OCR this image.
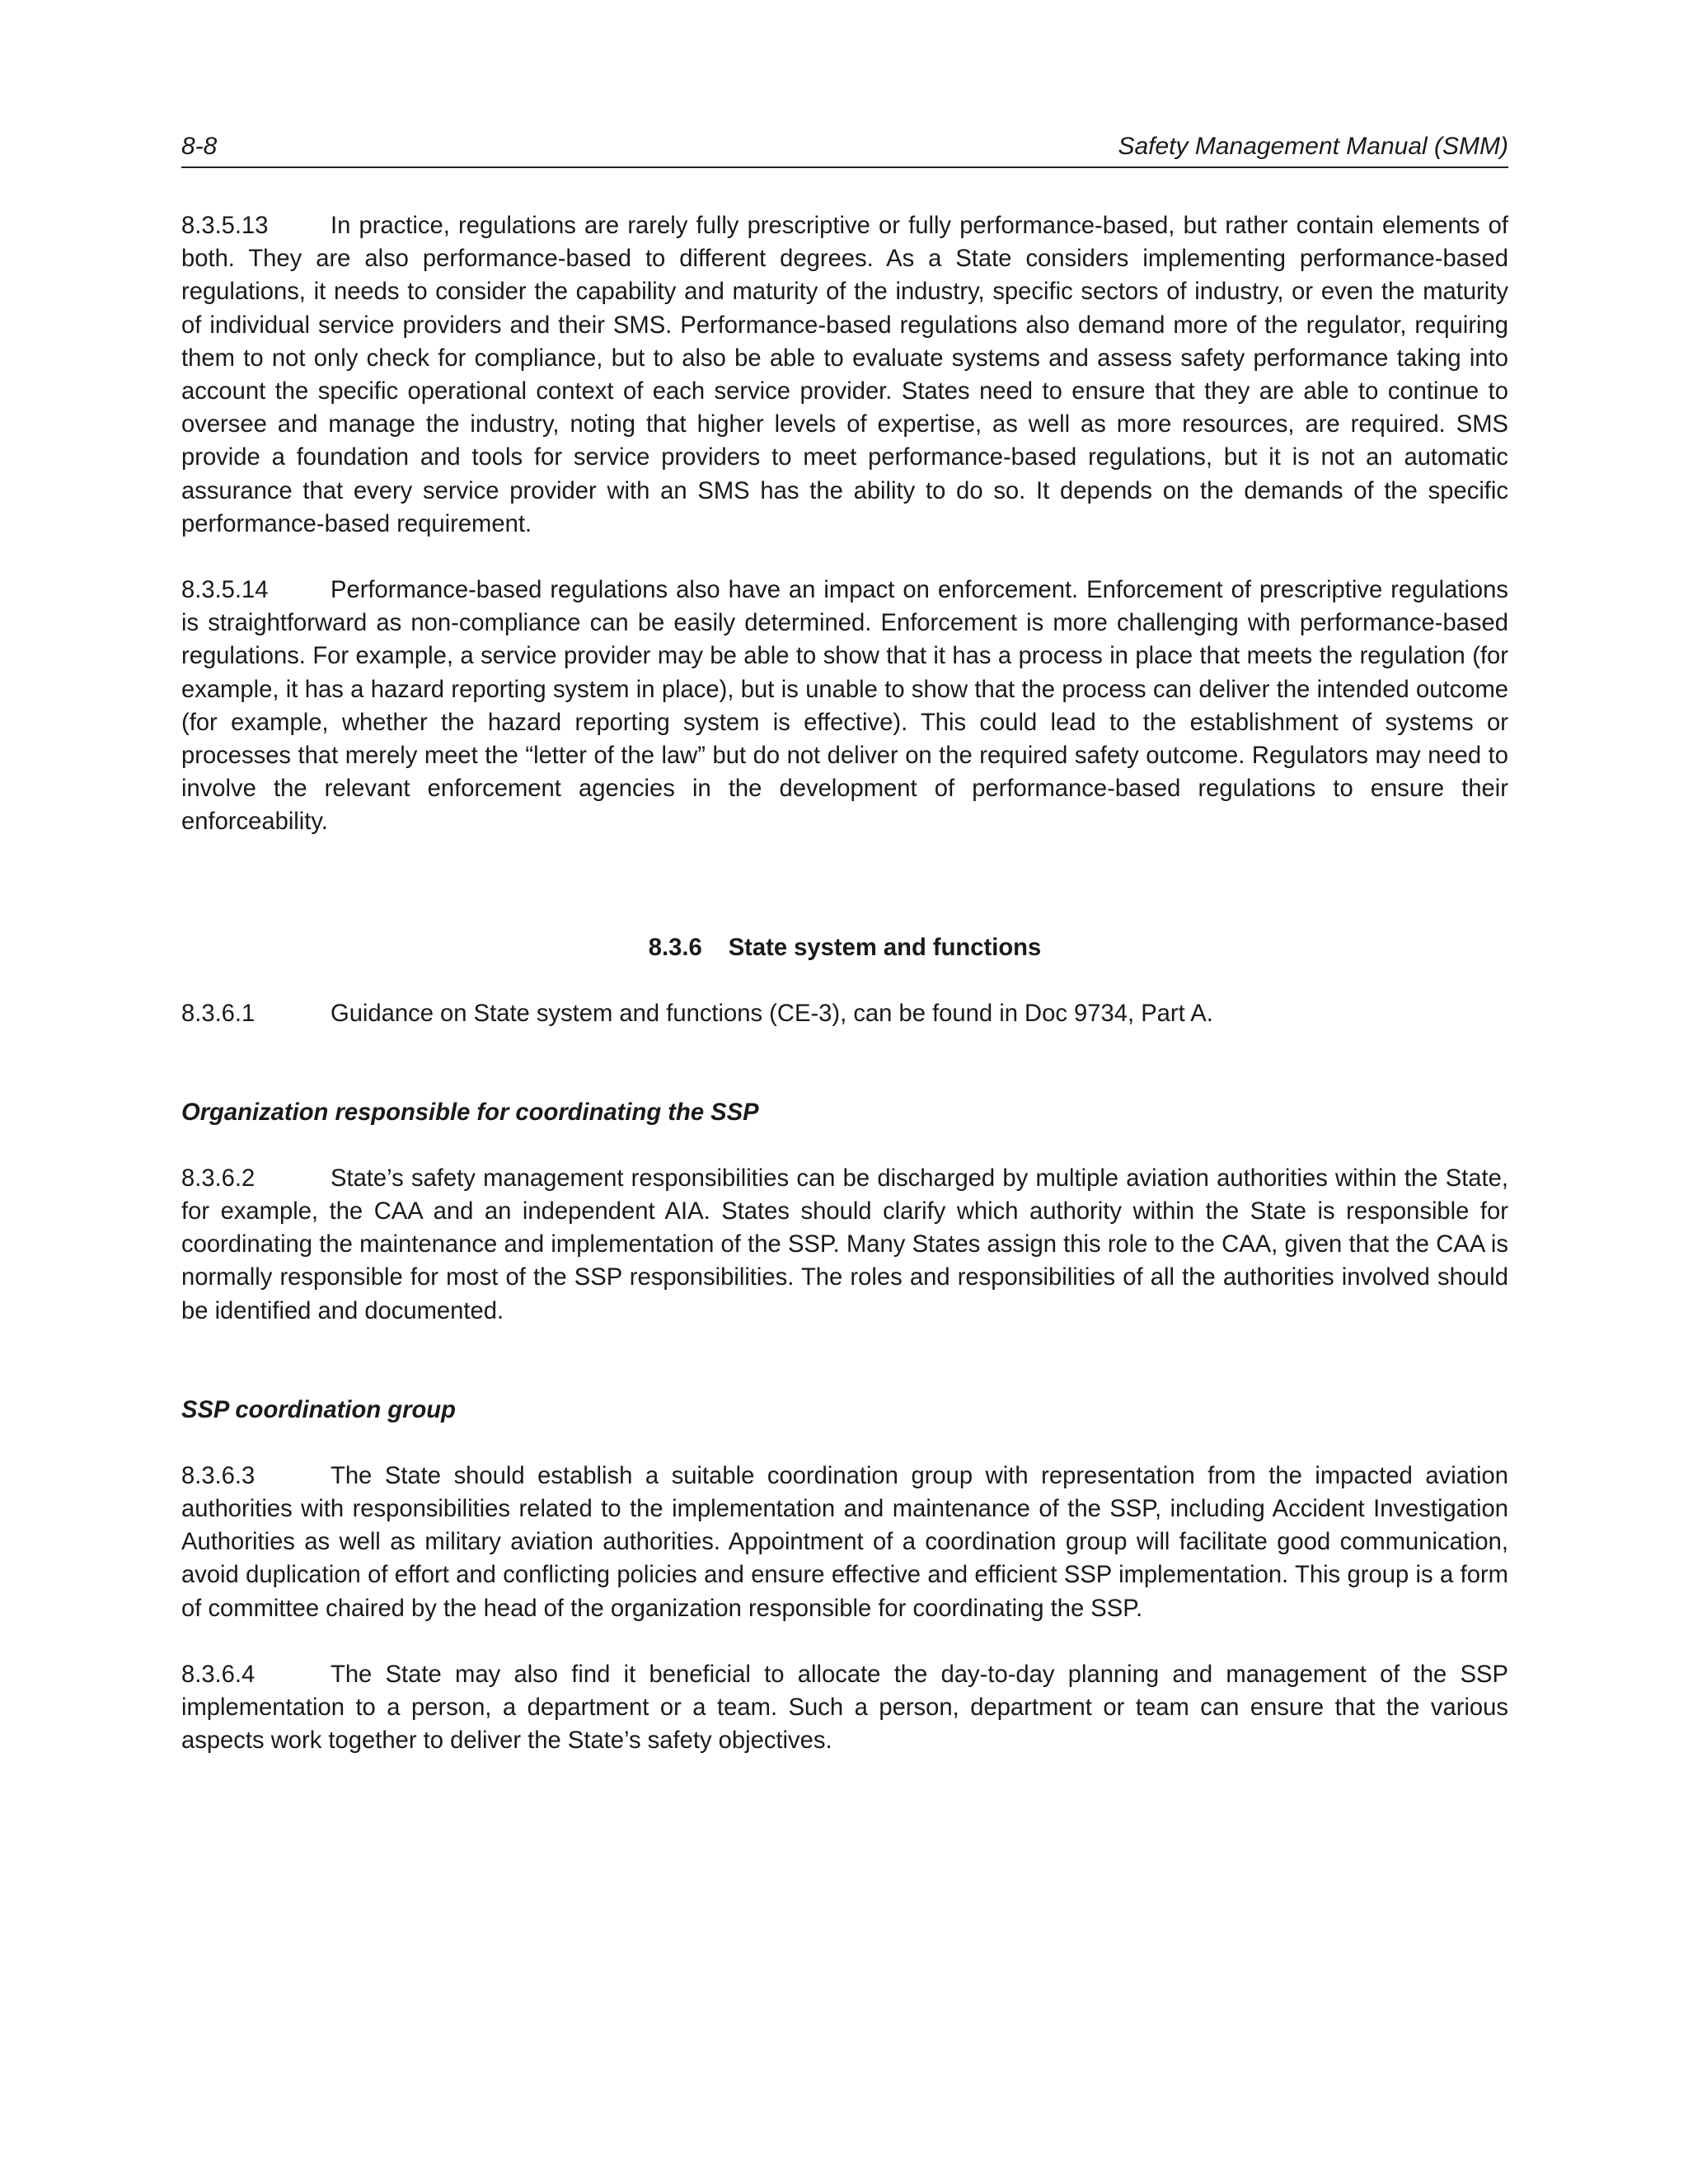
8-8	Safety Management Manual (SMM)

8.3.5.13	In practice, regulations are rarely fully prescriptive or fully performance-based, but rather contain elements of both. They are also performance-based to different degrees. As a State considers implementing performance-based regulations, it needs to consider the capability and maturity of the industry, specific sectors of industry, or even the maturity of individual service providers and their SMS. Performance-based regulations also demand more of the regulator, requiring them to not only check for compliance, but to also be able to evaluate systems and assess safety performance taking into account the specific operational context of each service provider. States need to ensure that they are able to continue to oversee and manage the industry, noting that higher levels of expertise, as well as more resources, are required. SMS provide a foundation and tools for service providers to meet performance-based regulations, but it is not an automatic assurance that every service provider with an SMS has the ability to do so. It depends on the demands of the specific performance-based requirement.

8.3.5.14	Performance-based regulations also have an impact on enforcement. Enforcement of prescriptive regulations is straightforward as non-compliance can be easily determined. Enforcement is more challenging with performance-based regulations. For example, a service provider may be able to show that it has a process in place that meets the regulation (for example, it has a hazard reporting system in place), but is unable to show that the process can deliver the intended outcome (for example, whether the hazard reporting system is effective). This could lead to the establishment of systems or processes that merely meet the “letter of the law” but do not deliver on the required safety outcome. Regulators may need to involve the relevant enforcement agencies in the development of performance-based regulations to ensure their enforceability.

8.3.6 State system and functions

8.3.6.1	Guidance on State system and functions (CE-3), can be found in Doc 9734, Part A.

Organization responsible for coordinating the SSP

8.3.6.2	State’s safety management responsibilities can be discharged by multiple aviation authorities within the State, for example, the CAA and an independent AIA. States should clarify which authority within the State is responsible for coordinating the maintenance and implementation of the SSP. Many States assign this role to the CAA, given that the CAA is normally responsible for most of the SSP responsibilities. The roles and responsibilities of all the authorities involved should be identified and documented.

SSP coordination group

8.3.6.3	The State should establish a suitable coordination group with representation from the impacted aviation authorities with responsibilities related to the implementation and maintenance of the SSP, including Accident Investigation Authorities as well as military aviation authorities. Appointment of a coordination group will facilitate good communication, avoid duplication of effort and conflicting policies and ensure effective and efficient SSP implementation. This group is a form of committee chaired by the head of the organization responsible for coordinating the SSP.

8.3.6.4	The State may also find it beneficial to allocate the day-to-day planning and management of the SSP implementation to a person, a department or a team. Such a person, department or team can ensure that the various aspects work together to deliver the State’s safety objectives.
